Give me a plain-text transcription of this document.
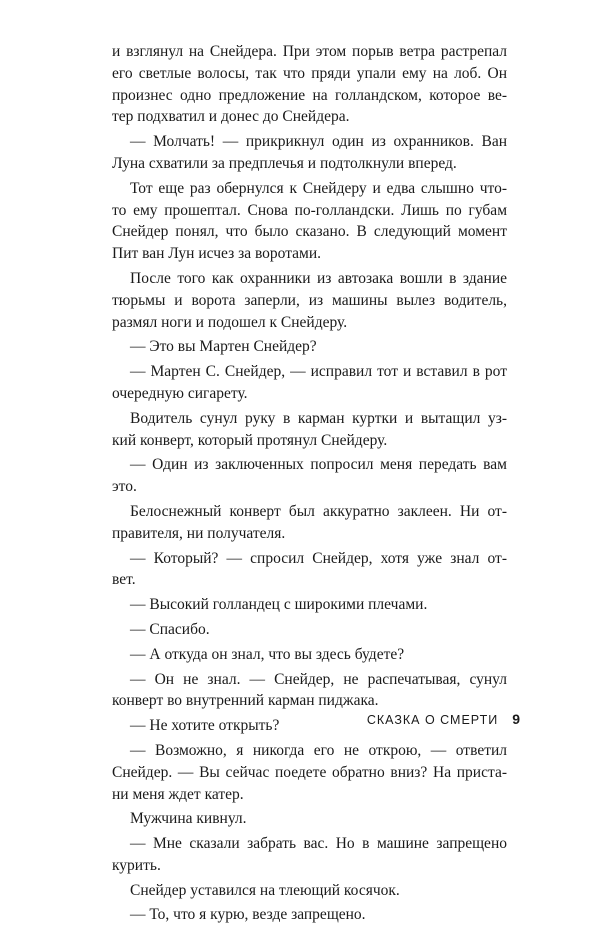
и взглянул на Снейдера. При этом порыв ветра растрепал
его светлые волосы, так что пряди упали ему на лоб. Он
произнес одно предложение на голландском, которое ве-
тер подхватил и донес до Снейдера.
— Молчать! — прикрикнул один из охранников. Ван
Луна схватили за предплечья и подтолкнули вперед.
Тот еще раз обернулся к Снейдеру и едва слышно что-
то ему прошептал. Снова по-голландски. Лишь по губам
Снейдер понял, что было сказано. В следующий момент
Пит ван Лун исчез за воротами.
После того как охранники из автозака вошли в здание
тюрьмы и ворота заперли, из машины вылез водитель,
размял ноги и подошел к Снейдеру.
— Это вы Мартен Снейдер?
— Мартен С. Снейдер, — исправил тот и вставил в рот
очередную сигарету.
Водитель сунул руку в карман куртки и вытащил уз-
кий конверт, который протянул Снейдеру.
— Один из заключенных попросил меня передать вам
это.
Белоснежный конверт был аккуратно заклеен. Ни от-
правителя, ни получателя.
— Который? — спросил Снейдер, хотя уже знал от-
вет.
— Высокий голландец с широкими плечами.
— Спасибо.
— А откуда он знал, что вы здесь будете?
— Он не знал. — Снейдер, не распечатывая, сунул
конверт во внутренний карман пиджака.
— Не хотите открыть?
— Возможно, я никогда его не открою, — ответил
Снейдер. — Вы сейчас поедете обратно вниз? На приста-
ни меня ждет катер.
Мужчина кивнул.
— Мне сказали забрать вас. Но в машине запрещено
курить.
Снейдер уставился на тлеющий косячок.
— То, что я курю, везде запрещено.
СКАЗКА О СМЕРТИ 9
